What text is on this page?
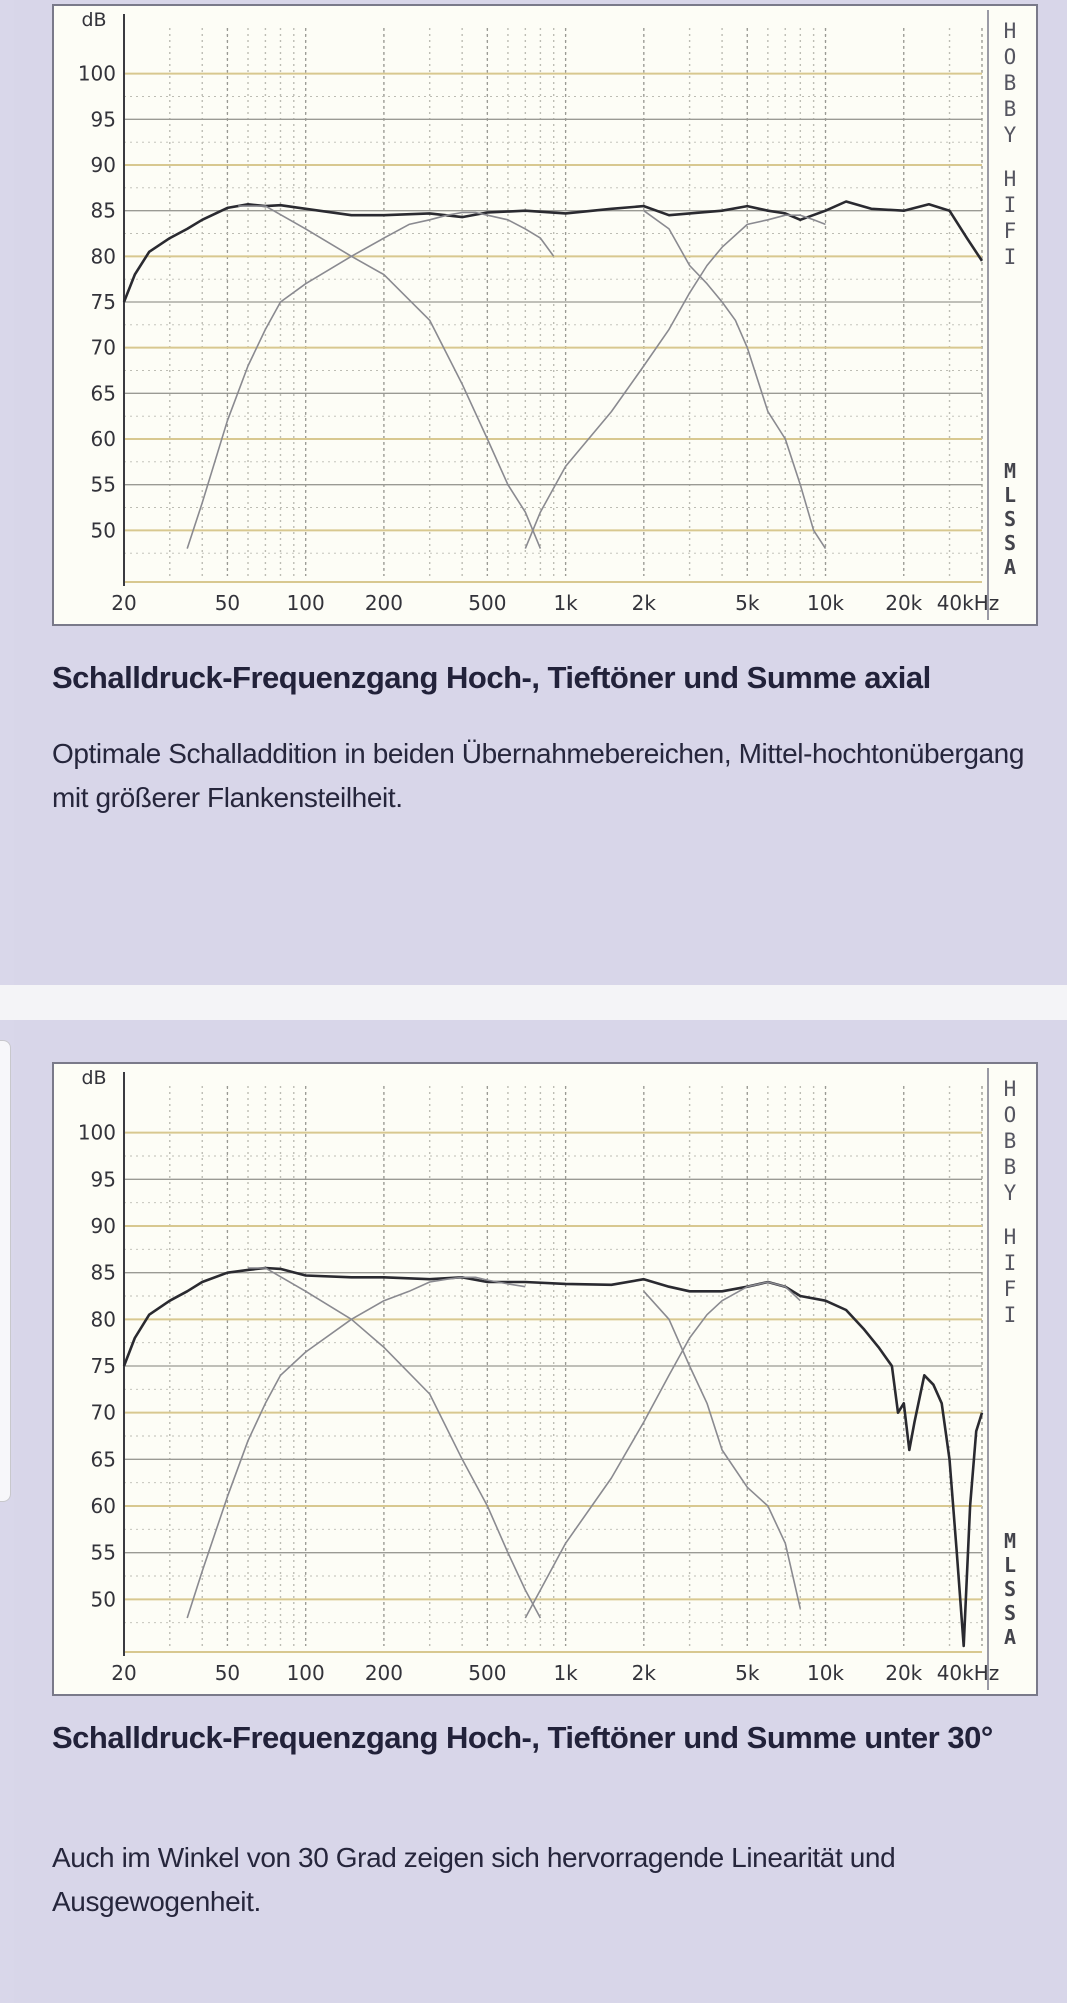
100
95
90
85
80
75
70
65
60
55
50
dB
20	50 100 200	500 1k	2k	5k 10k 20k 40kHz
H
O
B
B
Y
H
I
F
I
M
L
S
S
A
Schalldruck-Frequenzgang Hoch-, Tieftöner und Summe axial
Optimale Schalladdition in beiden Übernahmebereichen, Mittel-hochtonübergang mit größerer Flankensteilheit.
100
95
90
85
80
75
70
65
60
55
50
dB
20	50 100 200	500 1k	2k	5k 10k 20k 40kHz
H
O
B
B
Y
H
I
F
I
M
L
S
S
A
Schalldruck-Frequenzgang Hoch-, Tieftöner und Summe unter 30°
Auch im Winkel von 30 Grad zeigen sich hervorragende Linearität und Ausgewogenheit.
